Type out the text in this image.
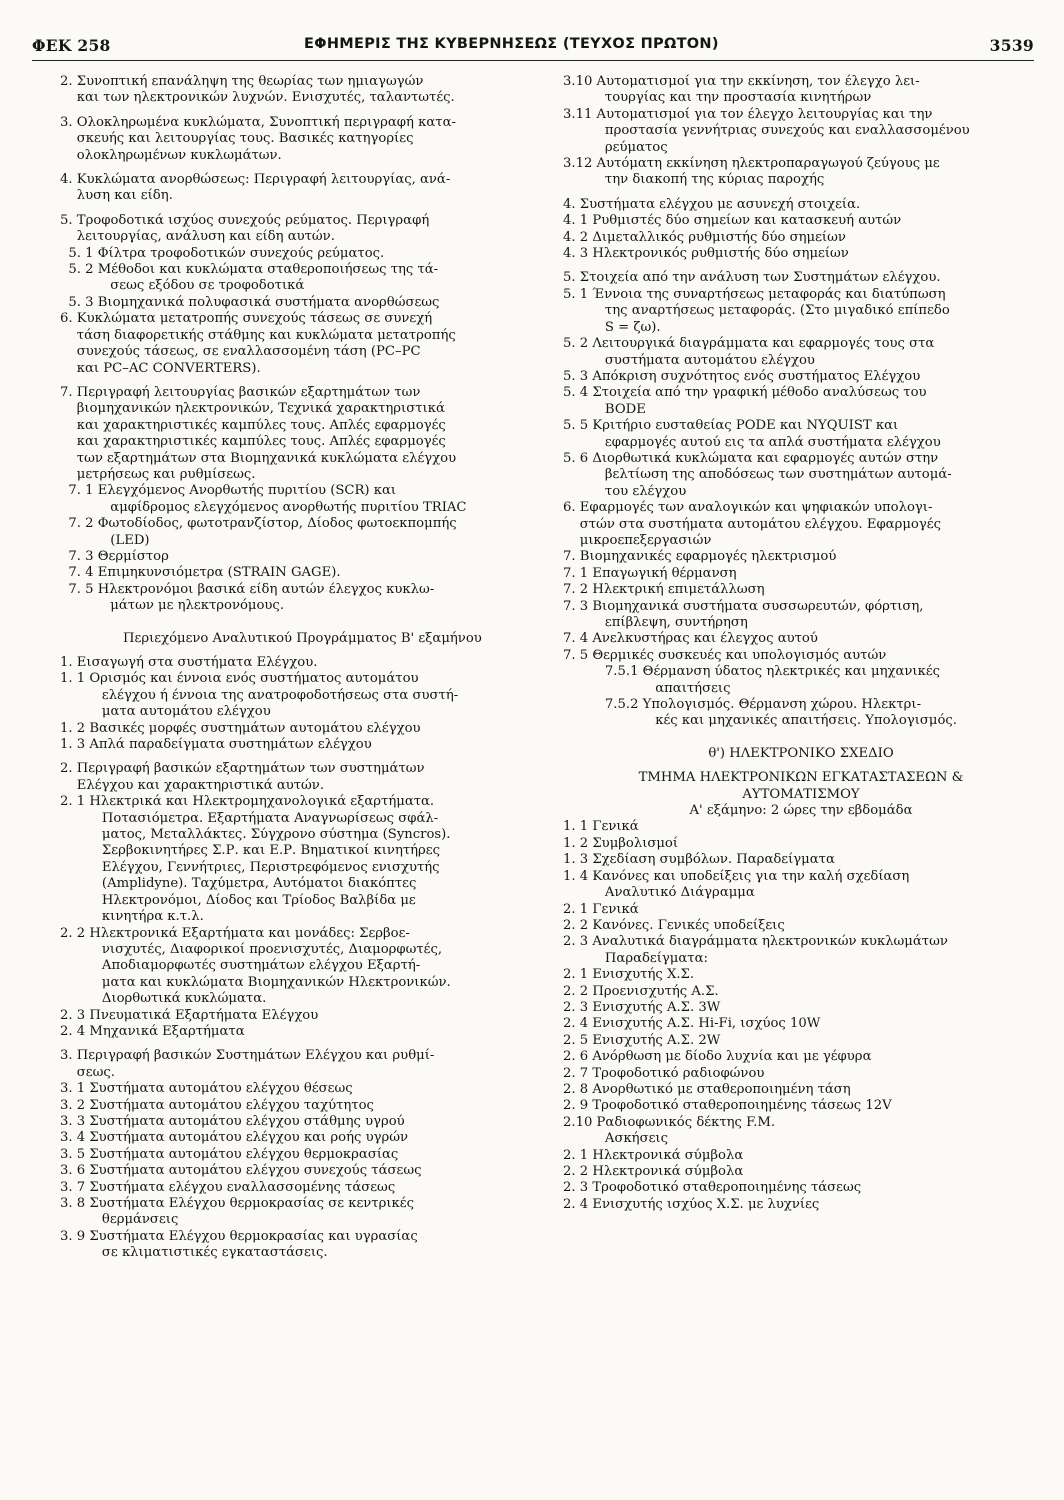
ΦΕΚ 258	ΕΦΗΜΕΡΙΣ ΤΗΣ ΚΥΒΕΡΝΗΣΕΩΣ (ΤΕΥΧΟΣ ΠΡΩΤΟΝ)	3539
2. Συνοπτική επανάληψη της θεωρίας των ημιαγωγών
και των ηλεκτρονικών λυχνών. Ενισχυτές, ταλαντωτές.
3. Ολοκληρωμένα κυκλώματα, Συνοπτική περιγραφή κατα-
σκευής και λειτουργίας τους. Βασικές κατηγορίες
ολοκληρωμένων κυκλωμάτων.
4. Κυκλώματα ανορθώσεως: Περιγραφή λειτουργίας, ανά-
λυση και είδη.
5. Τροφοδοτικά ισχύος συνεχούς ρεύματος. Περιγραφή
λειτουργίας, ανάλυση και είδη αυτών.
5. 1 Φίλτρα τροφοδοτικών συνεχούς ρεύματος.
5. 2 Μέθοδοι και κυκλώματα σταθεροποιήσεως της τά-
σεως εξόδου σε τροφοδοτικά
5. 3 Βιομηχανικά πολυφασικά συστήματα ανορθώσεως
6. Κυκλώματα μετατροπής συνεχούς τάσεως σε συνεχή
τάση διαφορετικής στάθμης και κυκλώματα μετατροπής
συνεχούς τάσεως, σε εναλλασσομένη τάση (PC–PC
και PC–AC CONVERTERS).
7. Περιγραφή λειτουργίας βασικών εξαρτημάτων των
βιομηχανικών ηλεκτρονικών, Τεχνικά χαρακτηριστικά
και χαρακτηριστικές καμπύλες τους. Απλές εφαρμογές
και χαρακτηριστικές καμπύλες τους. Απλές εφαρμογές
των εξαρτημάτων στα Βιομηχανικά κυκλώματα ελέγχου
μετρήσεως και ρυθμίσεως.
7. 1 Ελεγχόμενος Ανορθωτής πυριτίου (SCR) και
αμφίδρομος ελεγχόμενος ανορθωτής πυριτίου TRIAC
7. 2 Φωτοδίοδος, φωτοτρανζίστορ, Δίοδος φωτοεκπομπής
(LED)
7. 3 Θερμίστορ
7. 4 Επιμηκυνσιόμετρα (STRAIN GAGE).
7. 5 Ηλεκτρονόμοι βασικά είδη αυτών έλεγχος κυκλω-
μάτων με ηλεκτρονόμους.
Περιεχόμενο Αναλυτικού Προγράμματος Β' εξαμήνου
1. Εισαγωγή στα συστήματα Ελέγχου.
1. 1 Ορισμός και έννοια ενός συστήματος αυτομάτου
ελέγχου ή έννοια της ανατροφοδοτήσεως στα συστή-
ματα αυτομάτου ελέγχου
1. 2 Βασικές μορφές συστημάτων αυτομάτου ελέγχου
1. 3 Απλά παραδείγματα συστημάτων ελέγχου
2. Περιγραφή βασικών εξαρτημάτων των συστημάτων
Ελέγχου και χαρακτηριστικά αυτών.
2. 1 Ηλεκτρικά και Ηλεκτρομηχανολογικά εξαρτήματα.
Ποτασιόμετρα. Εξαρτήματα Αναγνωρίσεως σφάλ-
ματος, Μεταλλάκτες. Σύγχρονο σύστημα (Syncros).
Σερβοκινητήρες Σ.Ρ. και Ε.Ρ. Βηματικοί κινητήρες
Ελέγχου, Γεννήτριες, Περιστρεφόμενος ενισχυτής
(Amplidyne). Ταχύμετρα, Αυτόματοι διακόπτες
Ηλεκτρονόμοι, Δίοδος και Τρίοδος Βαλβίδα με
κινητήρα κ.τ.λ.
2. 2 Ηλεκτρονικά Εξαρτήματα και μονάδες: Σερβοε-
νισχυτές, Διαφορικοί προενισχυτές, Διαμορφωτές,
Αποδιαμορφωτές συστημάτων ελέγχου Εξαρτή-
ματα και κυκλώματα Βιομηχανικών Ηλεκτρονικών.
Διορθωτικά κυκλώματα.
2. 3 Πνευματικά Εξαρτήματα Ελέγχου
2. 4 Μηχανικά Εξαρτήματα
3. Περιγραφή βασικών Συστημάτων Ελέγχου και ρυθμί-
σεως.
3. 1 Συστήματα αυτομάτου ελέγχου θέσεως
3. 2 Συστήματα αυτομάτου ελέγχου ταχύτητος
3. 3 Συστήματα αυτομάτου ελέγχου στάθμης υγρού
3. 4 Συστήματα αυτομάτου ελέγχου και ροής υγρών
3. 5 Συστήματα αυτομάτου ελέγχου θερμοκρασίας
3. 6 Συστήματα αυτομάτου ελέγχου συνεχούς τάσεως
3. 7 Συστήματα ελέγχου εναλλασσομένης τάσεως
3. 8 Συστήματα Ελέγχου θερμοκρασίας σε κεντρικές
θερμάνσεις
3. 9 Συστήματα Ελέγχου θερμοκρασίας και υγρασίας
σε κλιματιστικές εγκαταστάσεις.
3.10 Αυτοματισμοί για την εκκίνηση, τον έλεγχο λει-
τουργίας και την προστασία κινητήρων
3.11 Αυτοματισμοί για τον έλεγχο λειτουργίας και την
προστασία γεννήτριας συνεχούς και εναλλασσομένου
ρεύματος
3.12 Αυτόματη εκκίνηση ηλεκτροπαραγωγού ζεύγους με
την διακοπή της κύριας παροχής
4. Συστήματα ελέγχου με ασυνεχή στοιχεία.
4. 1 Ρυθμιστές δύο σημείων και κατασκευή αυτών
4. 2 Διμεταλλικός ρυθμιστής δύο σημείων
4. 3 Ηλεκτρονικός ρυθμιστής δύο σημείων
5. Στοιχεία από την ανάλυση των Συστημάτων ελέγχου.
5. 1 Έννοια της συναρτήσεως μεταφοράς και διατύπωση
της αναρτήσεως μεταφοράς. (Στο μιγαδικό επίπεδο
S = ζω).
5. 2 Λειτουργικά διαγράμματα και εφαρμογές τους στα
συστήματα αυτομάτου ελέγχου
5. 3 Απόκριση συχνότητος ενός συστήματος Ελέγχου
5. 4 Στοιχεία από την γραφική μέθοδο αναλύσεως του
BODE
5. 5 Κριτήριο ευσταθείας PODE και NYQUIST και
εφαρμογές αυτού εις τα απλά συστήματα ελέγχου
5. 6 Διορθωτικά κυκλώματα και εφαρμογές αυτών στην
βελτίωση της αποδόσεως των συστημάτων αυτομά-
του ελέγχου
6. Εφαρμογές των αναλογικών και ψηφιακών υπολογι-
στών στα συστήματα αυτομάτου ελέγχου. Εφαρμογές
μικροεπεξεργασιών
7. Βιομηχανικές εφαρμογές ηλεκτρισμού
7. 1 Επαγωγική θέρμανση
7. 2 Ηλεκτρική επιμετάλλωση
7. 3 Βιομηχανικά συστήματα συσσωρευτών, φόρτιση,
επίβλεψη, συντήρηση
7. 4 Ανελκυστήρας και έλεγχος αυτού
7. 5 Θερμικές συσκευές και υπολογισμός αυτών
7.5.1 Θέρμανση ύδατος ηλεκτρικές και μηχανικές
απαιτήσεις
7.5.2 Υπολογισμός. Θέρμανση χώρου. Ηλεκτρι-
κές και μηχανικές απαιτήσεις. Υπολογισμός.
θ') ΗΛΕΚΤΡΟΝΙΚΟ ΣΧΕΔΙΟ
ΤΜΗΜΑ ΗΛΕΚΤΡΟΝΙΚΩΝ ΕΓΚΑΤΑΣΤΑΣΕΩΝ &
ΑΥΤΟΜΑΤΙΣΜΟΥ
Α' εξάμηνο: 2 ώρες την εβδομάδα
1. 1 Γενικά
1. 2 Συμβολισμοί
1. 3 Σχεδίαση συμβόλων. Παραδείγματα
1. 4 Κανόνες και υποδείξεις για την καλή σχεδίαση
Αναλυτικό Διάγραμμα
2. 1 Γενικά
2. 2 Κανόνες. Γενικές υποδείξεις
2. 3 Αναλυτικά διαγράμματα ηλεκτρονικών κυκλωμάτων
Παραδείγματα:
2. 1 Ενισχυτής Χ.Σ.
2. 2 Προενισχυτής Α.Σ.
2. 3 Ενισχυτής Α.Σ. 3W
2. 4 Ενισχυτής Α.Σ. Hi-Fi, ισχύος 10W
2. 5 Ενισχυτής Α.Σ. 2W
2. 6 Ανόρθωση με δίοδο λυχνία και με γέφυρα
2. 7 Τροφοδοτικό ραδιοφώνου
2. 8 Ανορθωτικό με σταθεροποιημένη τάση
2. 9 Τροφοδοτικό σταθεροποιημένης τάσεως 12V
2.10 Ραδιοφωνικός δέκτης F.M.
Ασκήσεις
2. 1 Ηλεκτρονικά σύμβολα
2. 2 Ηλεκτρονικά σύμβολα
2. 3 Τροφοδοτικό σταθεροποιημένης τάσεως
2. 4 Ενισχυτής ισχύος Χ.Σ. με λυχνίες
